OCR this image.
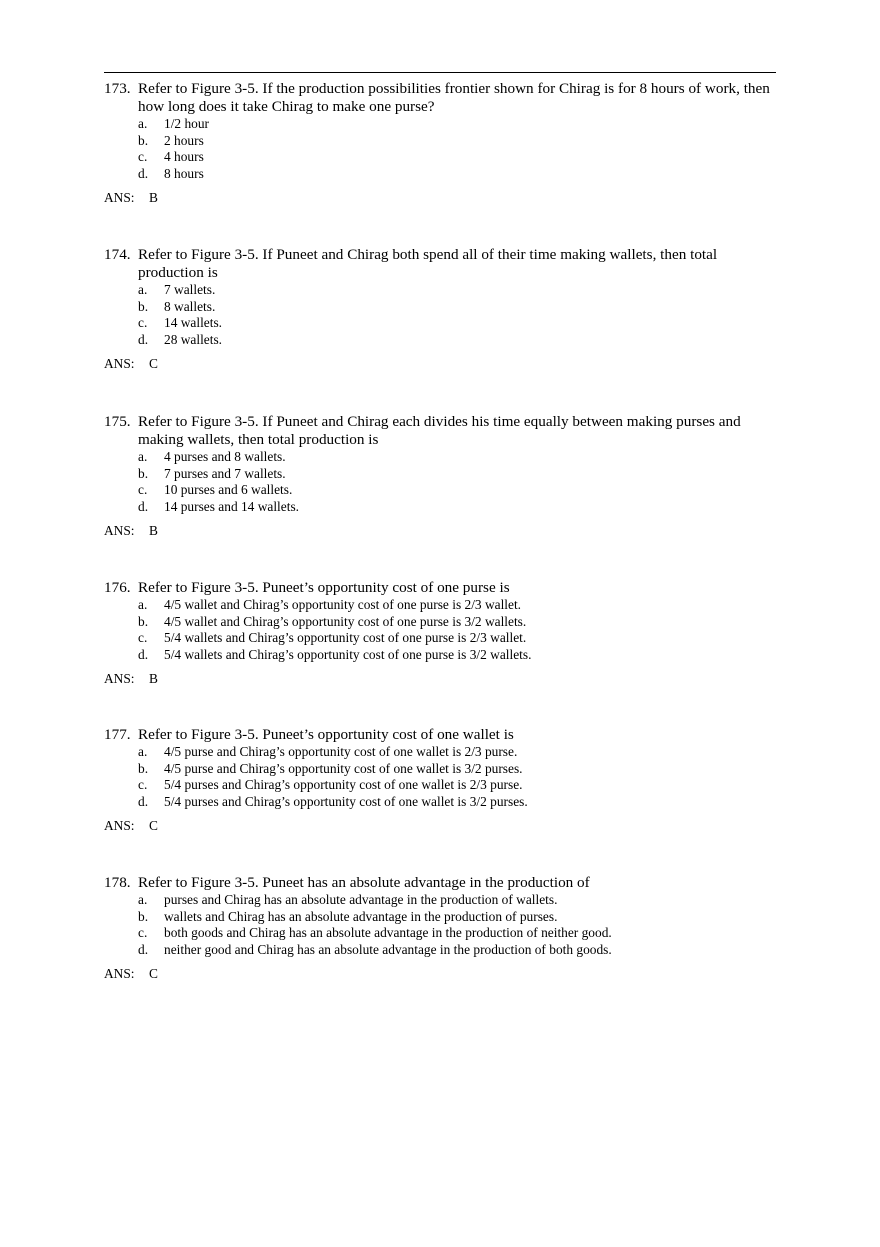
173. Refer to Figure 3-5. If the production possibilities frontier shown for Chirag is for 8 hours of work, then how long does it take Chirag to make one purse?
a.	1/2 hour
b.	2 hours
c.	4 hours
d.	8 hours
ANS:	B
174. Refer to Figure 3-5. If Puneet and Chirag both spend all of their time making wallets, then total production is
a.	7 wallets.
b.	8 wallets.
c.	14 wallets.
d.	28 wallets.
ANS:	C
175. Refer to Figure 3-5. If Puneet and Chirag each divides his time equally between making purses and making wallets, then total production is
a.	4 purses and 8 wallets.
b.	7 purses and 7 wallets.
c.	10 purses and 6 wallets.
d.	14 purses and 14 wallets.
ANS:	B
176. Refer to Figure 3-5. Puneet’s opportunity cost of one purse is
a.	4/5 wallet and Chirag’s opportunity cost of one purse is 2/3 wallet.
b.	4/5 wallet and Chirag’s opportunity cost of one purse is 3/2 wallets.
c.	5/4 wallets and Chirag’s opportunity cost of one purse is 2/3 wallet.
d.	5/4 wallets and Chirag’s opportunity cost of one purse is 3/2 wallets.
ANS:	B
177. Refer to Figure 3-5. Puneet’s opportunity cost of one wallet is
a.	4/5 purse and Chirag’s opportunity cost of one wallet is 2/3 purse.
b.	4/5 purse and Chirag’s opportunity cost of one wallet is 3/2 purses.
c.	5/4 purses and Chirag’s opportunity cost of one wallet is 2/3 purse.
d.	5/4 purses and Chirag’s opportunity cost of one wallet is 3/2 purses.
ANS:	C
178. Refer to Figure 3-5. Puneet has an absolute advantage in the production of
a.	purses and Chirag has an absolute advantage in the production of wallets.
b.	wallets and Chirag has an absolute advantage in the production of purses.
c.	both goods and Chirag has an absolute advantage in the production of neither good.
d.	neither good and Chirag has an absolute advantage in the production of both goods.
ANS:	C
